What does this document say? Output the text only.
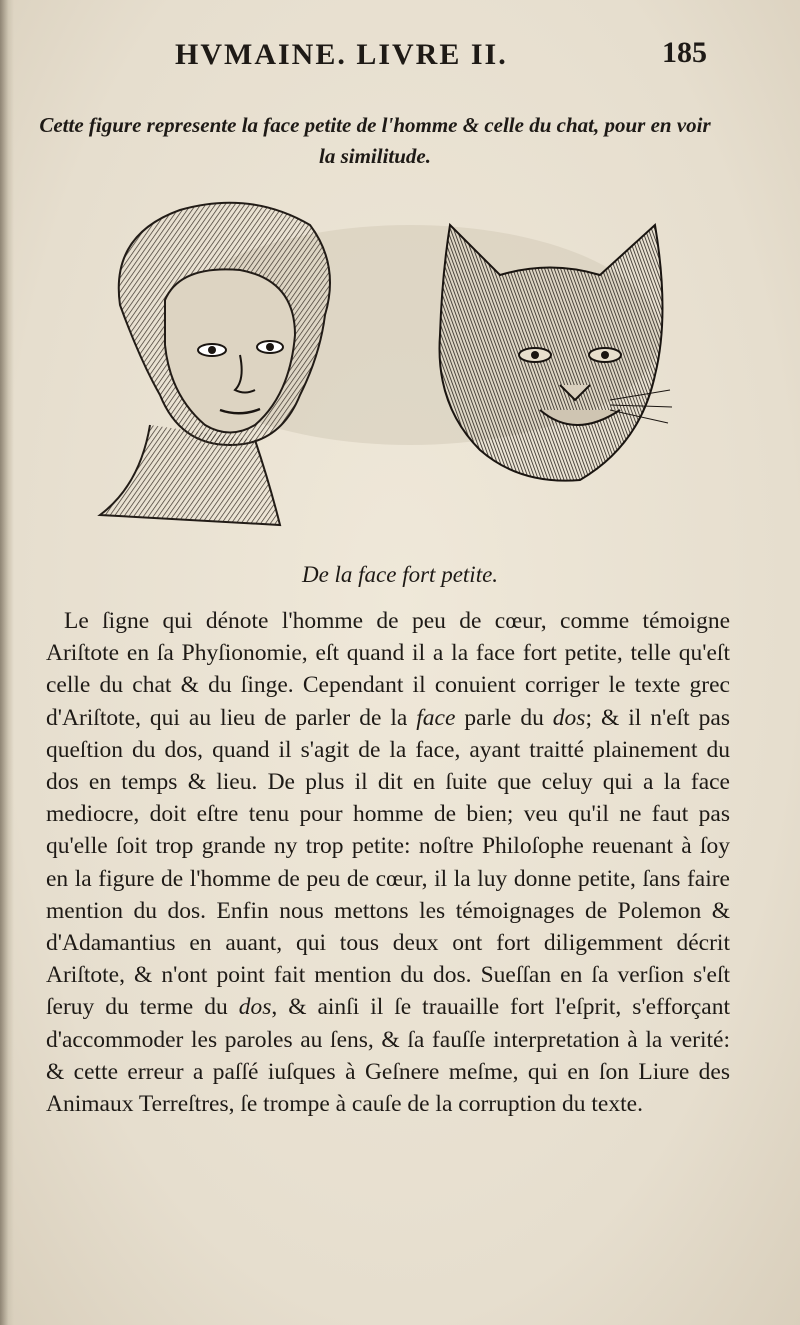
HVMAINE. LIVRE II.	185
Cette figure represente la face petite de l'homme & celle du chat, pour en voir la similitude.
De la face fort petite.

Le ſigne qui dénote l'homme de peu de cœur, comme témoigne Ariſtote en ſa Phyſionomie, eſt quand il a la face fort petite, telle qu'eſt celle du chat & du ſinge. Cependant il conuient corriger le texte grec d'Ariſtote, qui au lieu de parler de la face parle du dos; & il n'eſt pas queſtion du dos, quand il s'agit de la face, ayant traitté plainement du dos en temps & lieu. De plus il dit en ſuite que celuy qui a la face mediocre, doit eſtre tenu pour homme de bien; veu qu'il ne faut pas qu'elle ſoit trop grande ny trop petite: noſtre Philoſophe reuenant à ſoy en la figure de l'homme de peu de cœur, il la luy donne petite, ſans faire mention du dos. Enfin nous mettons les témoignages de Polemon & d'Adamantius en auant, qui tous deux ont fort diligemment décrit Ariſtote, & n'ont point fait mention du dos. Sueſſan en ſa verſion s'eſt ſeruy du terme du dos, & ainſi il ſe trauaille fort l'eſprit, s'efforçant d'accommoder les paroles au ſens, & ſa fauſſe interpretation à la verité: & cette erreur a paſſé iuſques à Geſnere meſme, qui en ſon Liure des Animaux Terreſtres, ſe trompe à cauſe de la corruption du texte.
